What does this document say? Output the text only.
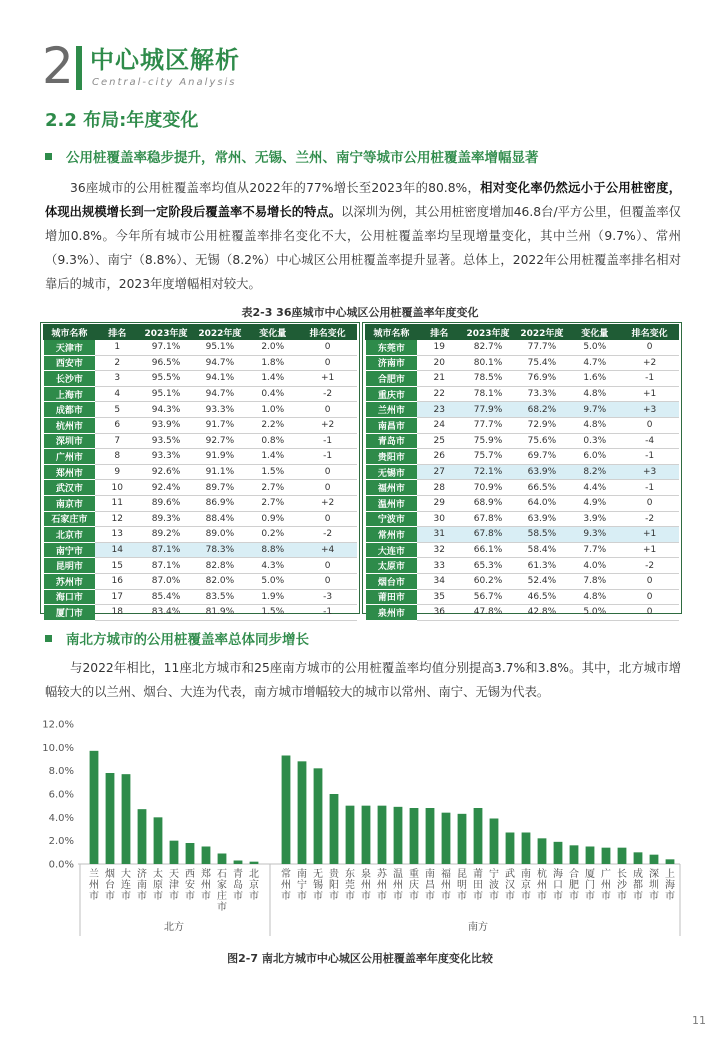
2 中心城区解析
Central-city Analysis
2.2 布局:年度变化
公用桩覆盖率稳步提升，常州、无锡、兰州、南宁等城市公用桩覆盖率增幅显著
36座城市的公用桩覆盖率均值从2022年的77%增长至2023年的80.8%，相对变化率仍然远小于公用桩密度，体现出规模增长到一定阶段后覆盖率不易增长的特点。以深圳为例，其公用桩密度增加46.8台/平方公里，但覆盖率仅增加0.8%。今年所有城市公用桩覆盖率排名变化不大，公用桩覆盖率均呈现增量变化，其中兰州（9.7%）、常州（9.3%）、南宁（8.8%）、无锡（8.2%）中心城区公用桩覆盖率提升显著。总体上，2022年公用桩覆盖率排名相对靠后的城市，2023年度增幅相对较大。
表2-3 36座城市中心城区公用桩覆盖率年度变化
城市名称	排名	2023年度	2022年度	变化量	排名变化
天津市	1	97.1%	95.1%	2.0%	0
西安市	2	96.5%	94.7%	1.8%	0
长沙市	3	95.5%	94.1%	1.4%	+1
上海市	4	95.1%	94.7%	0.4%	-2
成都市	5	94.3%	93.3%	1.0%	0
杭州市	6	93.9%	91.7%	2.2%	+2
深圳市	7	93.5%	92.7%	0.8%	-1
广州市	8	93.3%	91.9%	1.4%	-1
郑州市	9	92.6%	91.1%	1.5%	0
武汉市	10	92.4%	89.7%	2.7%	0
南京市	11	89.6%	86.9%	2.7%	+2
石家庄市	12	89.3%	88.4%	0.9%	0
北京市	13	89.2%	89.0%	0.2%	-2
南宁市	14	87.1%	78.3%	8.8%	+4
昆明市	15	87.1%	82.8%	4.3%	0
苏州市	16	87.0%	82.0%	5.0%	0
海口市	17	85.4%	83.5%	1.9%	-3
厦门市	18	83.4%	81.9%	1.5%	-1
城市名称	排名	2023年度	2022年度	变化量	排名变化
东莞市	19	82.7%	77.7%	5.0%	0
济南市	20	80.1%	75.4%	4.7%	+2
合肥市	21	78.5%	76.9%	1.6%	-1
重庆市	22	78.1%	73.3%	4.8%	+1
兰州市	23	77.9%	68.2%	9.7%	+3
南昌市	24	77.7%	72.9%	4.8%	0
青岛市	25	75.9%	75.6%	0.3%	-4
贵阳市	26	75.7%	69.7%	6.0%	-1
无锡市	27	72.1%	63.9%	8.2%	+3
福州市	28	70.9%	66.5%	4.4%	-1
温州市	29	68.9%	64.0%	4.9%	0
宁波市	30	67.8%	63.9%	3.9%	-2
常州市	31	67.8%	58.5%	9.3%	+1
大连市	32	66.1%	58.4%	7.7%	+1
太原市	33	65.3%	61.3%	4.0%	-2
烟台市	34	60.2%	52.4%	7.8%	0
莆田市	35	56.7%	46.5%	4.8%	0
泉州市	36	47.8%	42.8%	5.0%	0
南北方城市的公用桩覆盖率总体同步增长
与2022年相比，11座北方城市和25座南方城市的公用桩覆盖率均值分别提高3.7%和3.8%。其中，北方城市增幅较大的以兰州、烟台、大连为代表，南方城市增幅较大的城市以常州、南宁、无锡为代表。
0.0%
2.0%
4.0%
6.0%
8.0%
10.0%
12.0%
兰
州
市
烟
台
市
大
连
市
济
南
市
太
原
市
天
津
市
西
安
市
郑
州
市
石
家
庄
市
青
岛
市
北
京
市
常
州
市
南
宁
市
无
锡
市
贵
阳
市
东
莞
市
泉
州
市
苏
州
市
温
州
市
重
庆
市
南
昌
市
福
州
市
昆
明
市
莆
田
市
宁
波
市
武
汉
市
南
京
市
杭
州
市
海
口
市
合
肥
市
厦
门
市
广
州
市
长
沙
市
成
都
市
深
圳
市
上
海
市
北方	南方
图2-7 南北方城市中心城区公用桩覆盖率年度变化比较
11
